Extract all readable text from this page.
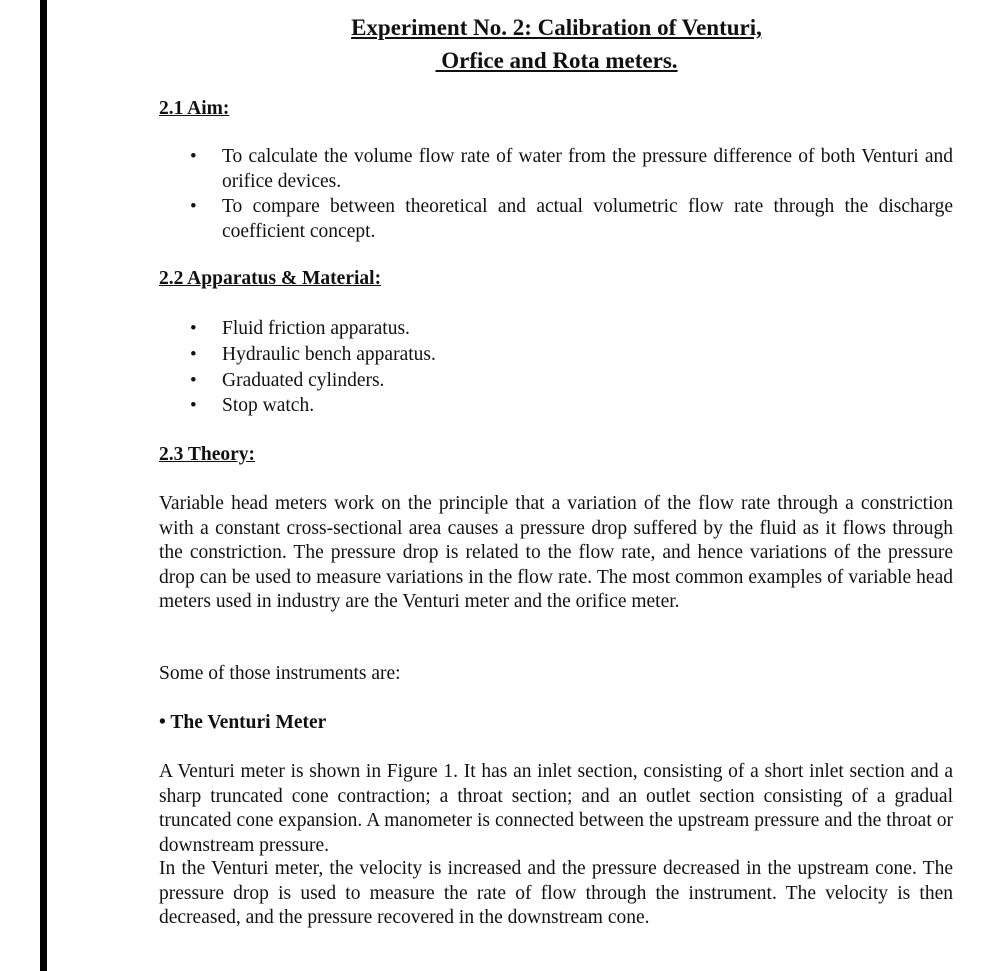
Experiment No. 2: Calibration of Venturi,
Orfice and Rota meters.
2.1 Aim:
•	To calculate the volume flow rate of water from the pressure difference of both Venturi and orifice devices.
•	To compare between theoretical and actual volumetric flow rate through the discharge coefficient concept.
2.2 Apparatus & Material:
•	Fluid friction apparatus.
•	Hydraulic bench apparatus.
•	Graduated cylinders.
•	Stop watch.
2.3 Theory:

Variable head meters work on the principle that a variation of the flow rate through a constriction with a constant cross-sectional area causes a pressure drop suffered by the fluid as it flows through the constriction. The pressure drop is related to the flow rate, and hence variations of the pressure drop can be used to measure variations in the flow rate. The most common examples of variable head meters used in industry are the Venturi meter and the orifice meter.

Some of those instruments are:

• The Venturi Meter

A Venturi meter is shown in Figure 1. It has an inlet section, consisting of a short inlet section and a sharp truncated cone contraction; a throat section; and an outlet section consisting of a gradual truncated cone expansion. A manometer is connected between the upstream pressure and the throat or downstream pressure.

In the Venturi meter, the velocity is increased and the pressure decreased in the upstream cone. The pressure drop is used to measure the rate of flow through the instrument. The velocity is then decreased, and the pressure recovered in the downstream cone.
